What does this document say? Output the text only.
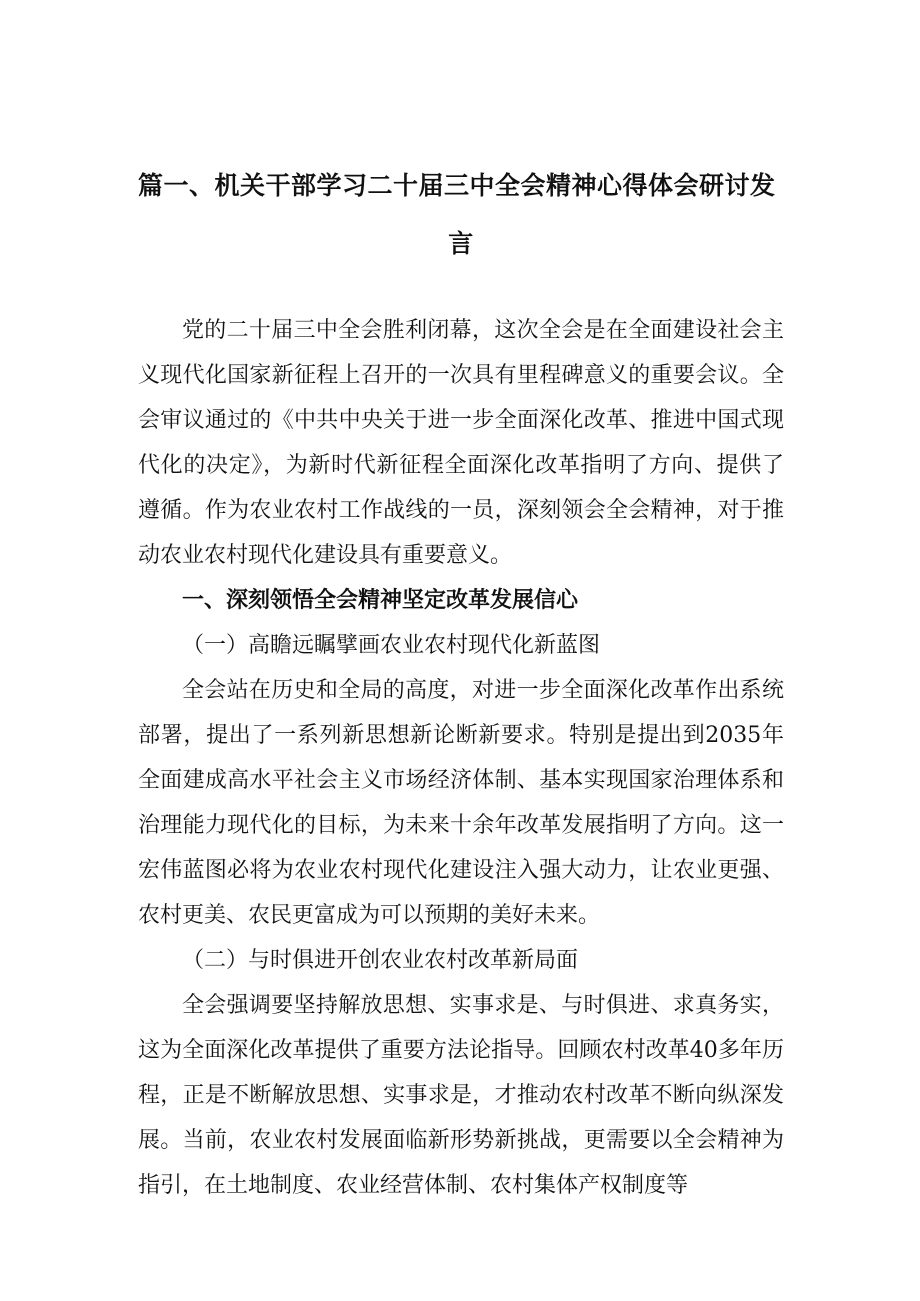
篇一、机关干部学习二十届三中全会精神心得体会研讨发
言

党的二十届三中全会胜利闭幕，这次全会是在全面建设社会主义现代化国家新征程上召开的一次具有里程碑意义的重要会议。全会审议通过的《中共中央关于进一步全面深化改革、推进中国式现代化的决定》，为新时代新征程全面深化改革指明了方向、提供了遵循。作为农业农村工作战线的一员，深刻领会全会精神，对于推动农业农村现代化建设具有重要意义。

一、深刻领悟全会精神坚定改革发展信心

（一）高瞻远瞩擘画农业农村现代化新蓝图

全会站在历史和全局的高度，对进一步全面深化改革作出系统部署，提出了一系列新思想新论断新要求。特别是提出到2035年全面建成高水平社会主义市场经济体制、基本实现国家治理体系和治理能力现代化的目标，为未来十余年改革发展指明了方向。这一宏伟蓝图必将为农业农村现代化建设注入强大动力，让农业更强、农村更美、农民更富成为可以预期的美好未来。

（二）与时俱进开创农业农村改革新局面

全会强调要坚持解放思想、实事求是、与时俱进、求真务实，这为全面深化改革提供了重要方法论指导。回顾农村改革40多年历程，正是不断解放思想、实事求是，才推动农村改革不断向纵深发展。当前，农业农村发展面临新形势新挑战，更需要以全会精神为指引，在土地制度、农业经营体制、农村集体产权制度等
